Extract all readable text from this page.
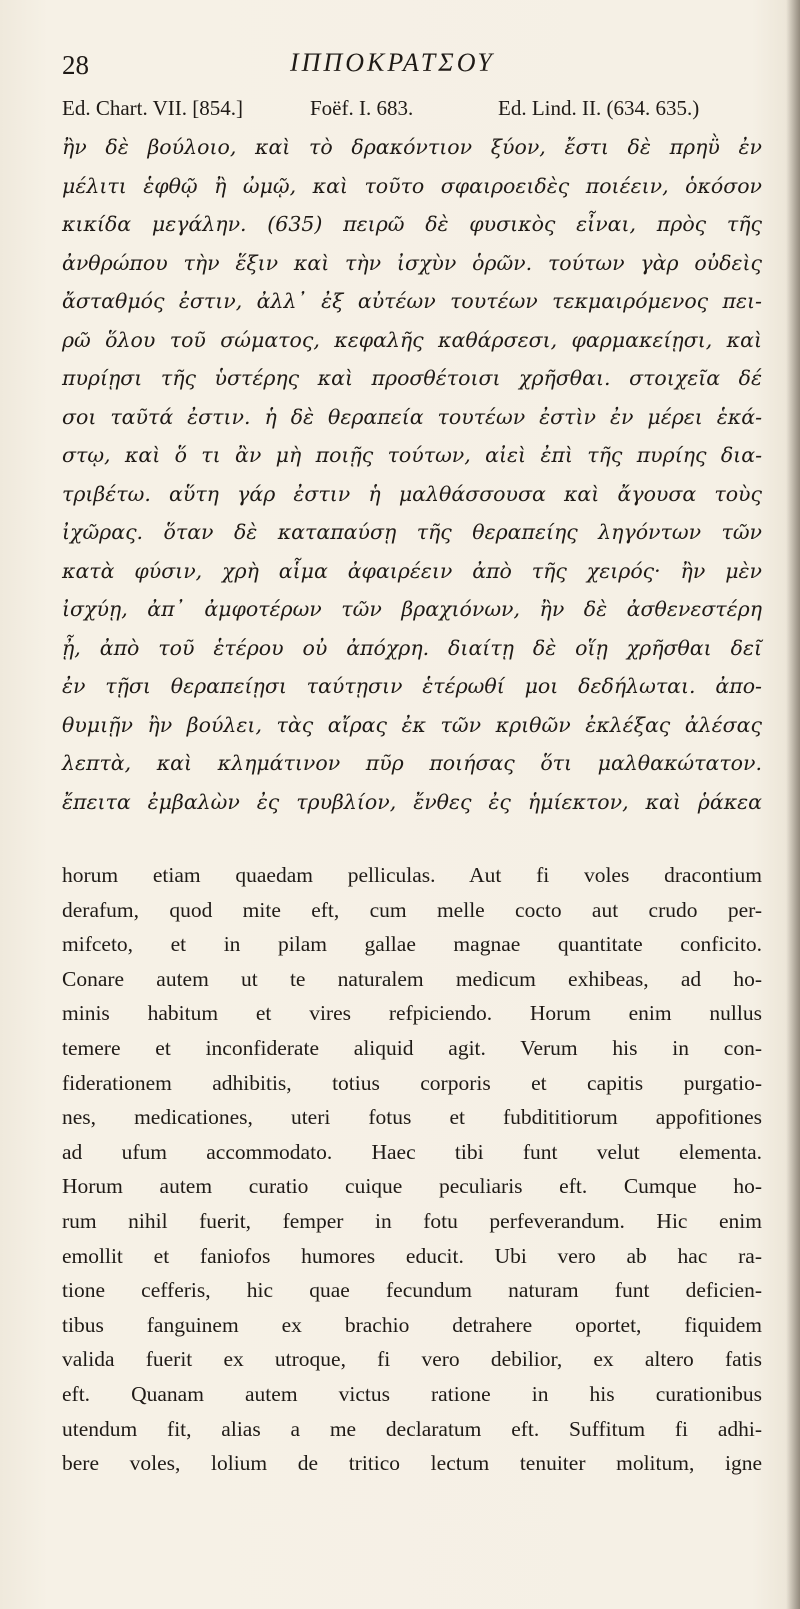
28	ΙΠΠΟΚΡΑΤΣΟΥ
Ed. Chart. VII. [854.]	Foëf. I. 683.	Ed. Lind. II. (634. 635.)
ἢν δὲ βούλοιο, καὶ τὸ δρακόντιον ξύον, ἔστι δὲ πρηῢ ἐν
μέλιτι ἑφθῷ ἢ ὠμῷ, καὶ τοῦτο σφαιροειδὲς ποιέειν, ὁκόσον
κικίδα μεγάλην. (635) πειρῶ δὲ φυσικὸς εἶναι, πρὸς τῆς
ἀνθρώπου τὴν ἕξιν καὶ τὴν ἰσχὺν ὁρῶν. τούτων γὰρ οὐδεὶς
ἄσταθμός ἐστιν, ἀλλ᾽ ἐξ αὐτέων τουτέων τεκμαιρόμενος πει-
ρῶ ὅλου τοῦ σώματος, κεφαλῆς καθάρσεσι, φαρμακείῃσι, καὶ
πυρίῃσι τῆς ὑστέρης καὶ προσθέτοισι χρῆσθαι. στοιχεῖα δέ
σοι ταῦτά ἐστιν. ἡ δὲ θεραπεία τουτέων ἐστὶν ἐν μέρει ἑκά-
στῳ, καὶ ὅ τι ἂν μὴ ποιῇς τούτων, αἰεὶ ἐπὶ τῆς πυρίης δια-
τριβέτω. αὕτη γάρ ἐστιν ἡ μαλθάσσουσα καὶ ἄγουσα τοὺς
ἰχῶρας. ὅταν δὲ καταπαύσῃ τῆς θεραπείης ληγόντων τῶν
κατὰ φύσιν, χρὴ αἷμα ἀφαιρέειν ἀπὸ τῆς χειρός· ἢν μὲν
ἰσχύῃ, ἀπ᾽ ἀμφοτέρων τῶν βραχιόνων, ἢν δὲ ἀσθενεστέρη
ᾖ, ἀπὸ τοῦ ἑτέρου οὐ ἀπόχρη. διαίτῃ δὲ οἵῃ χρῆσθαι δεῖ
ἐν τῇσι θεραπείῃσι ταύτῃσιν ἑτέρωθί μοι δεδήλωται. ἀπο-
θυμιῇν ἢν βούλει, τὰς αἴρας ἐκ τῶν κριθῶν ἐκλέξας ἀλέσας
λεπτὰ, καὶ κλημάτινον πῦρ ποιήσας ὅτι μαλθακώτατον.
ἔπειτα ἐμβαλὼν ἐς τρυβλίον, ἔνθες ἐς ἡμίεκτον, καὶ ῥάκεα
horum etiam quaedam pelliculas. Aut fi voles dracontium
derafum, quod mite eft, cum melle cocto aut crudo per-
mifceto, et in pilam gallae magnae quantitate conficito.
Conare autem ut te naturalem medicum exhibeas, ad ho-
minis habitum et vires refpiciendo. Horum enim nullus
temere et inconfiderate aliquid agit. Verum his in con-
fiderationem adhibitis, totius corporis et capitis purgatio-
nes, medicationes, uteri fotus et fubdititiorum appofitiones
ad ufum accommodato. Haec tibi funt velut elementa.
Horum autem curatio cuique peculiaris eft. Cumque ho-
rum nihil fuerit, femper in fotu perfeverandum. Hic enim
emollit et faniofos humores educit. Ubi vero ab hac ra-
tione cefferis, hic quae fecundum naturam funt deficien-
tibus fanguinem ex brachio detrahere oportet, fiquidem
valida fuerit ex utroque, fi vero debilior, ex altero fatis
eft. Quanam autem victus ratione in his curationibus
utendum fit, alias a me declaratum eft. Suffitum fi adhi-
bere voles, lolium de tritico lectum tenuiter molitum, igne
